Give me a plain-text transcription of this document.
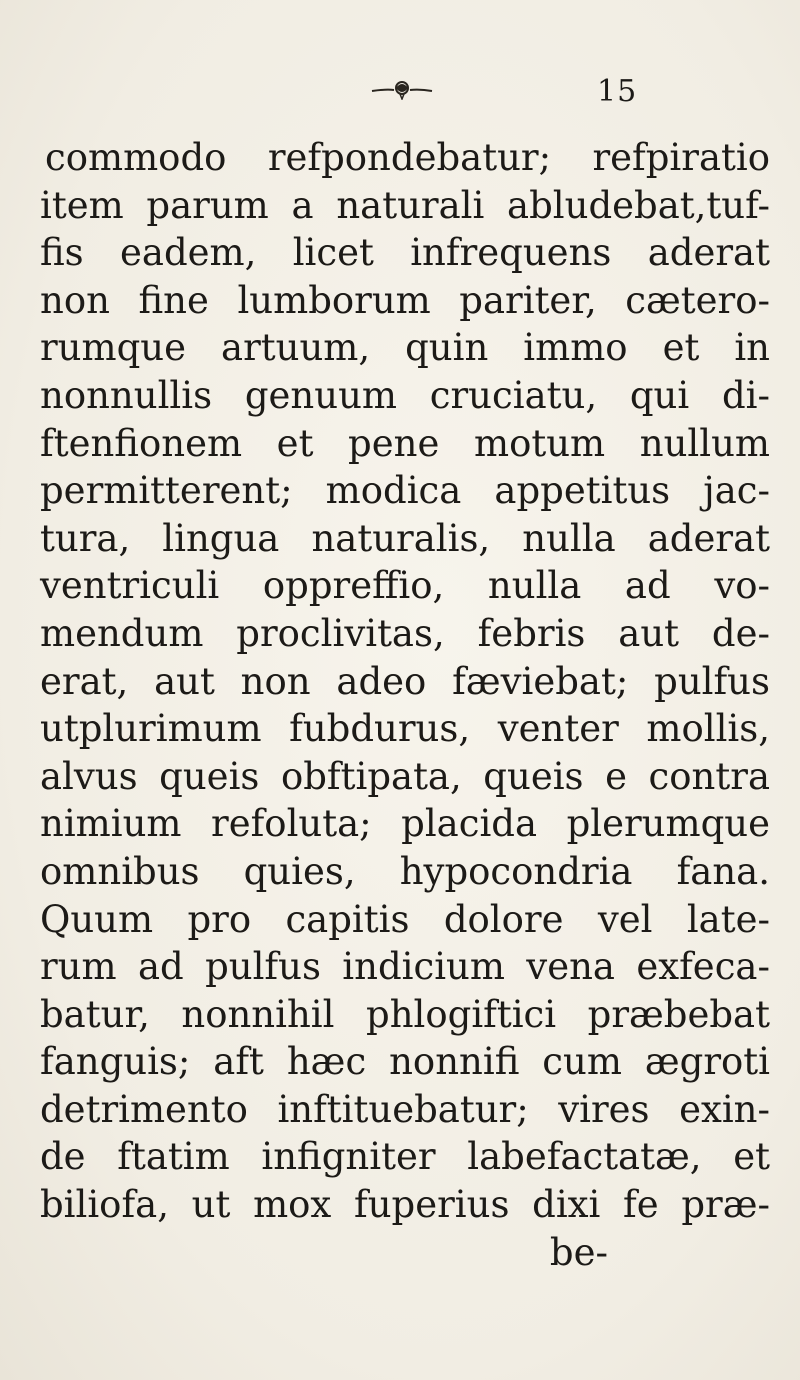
15
commodo refpondebatur; refpiratio
item parum a naturali abludebat,tuf-
fis eadem, licet infrequens aderat
non fine lumborum pariter, cætero-
rumque artuum, quin immo et in
nonnullis genuum cruciatu, qui di-
ftenfionem et pene motum nullum
permitterent; modica appetitus jac-
tura, lingua naturalis, nulla aderat
ventriculi oppreffio, nulla ad vo-
mendum proclivitas, febris aut de-
erat, aut non adeo fæviebat; pulfus
utplurimum fubdurus, venter mollis,
alvus queis obftipata, queis e contra
nimium refoluta; placida plerumque
omnibus quies, hypocondria fana.
Quum pro capitis dolore vel late-
rum ad pulfus indicium vena exfeca-
batur, nonnihil phlogiftici præbebat
fanguis; aft hæc nonnifi cum ægroti
detrimento inftituebatur; vires exin-
de ftatim infigniter labefactatæ, et
biliofa, ut mox fuperius dixi fe præ-
be-
